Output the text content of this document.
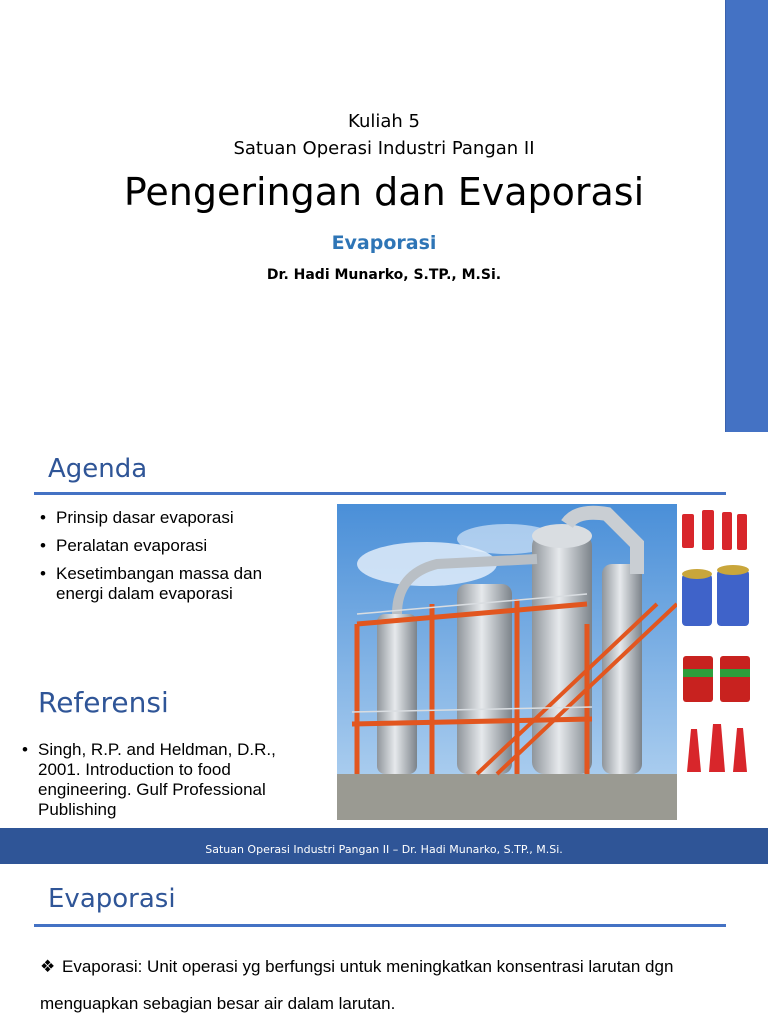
Kuliah 5
Satuan Operasi Industri Pangan II
Pengeringan dan Evaporasi
Evaporasi
Dr. Hadi Munarko, S.TP., M.Si.
Agenda
• Prinsip dasar evaporasi
• Peralatan evaporasi
• Kesetimbangan massa dan energi dalam evaporasi
Referensi
• Singh, R.P. and Heldman, D.R., 2001. Introduction to food engineering. Gulf Professional Publishing
Satuan Operasi Industri Pangan II – Dr. Hadi Munarko, S.TP., M.Si.
Evaporasi
❖ Evaporasi: Unit operasi yg berfungsi untuk meningkatkan konsentrasi larutan dgn menguapkan sebagian besar air dalam larutan.
